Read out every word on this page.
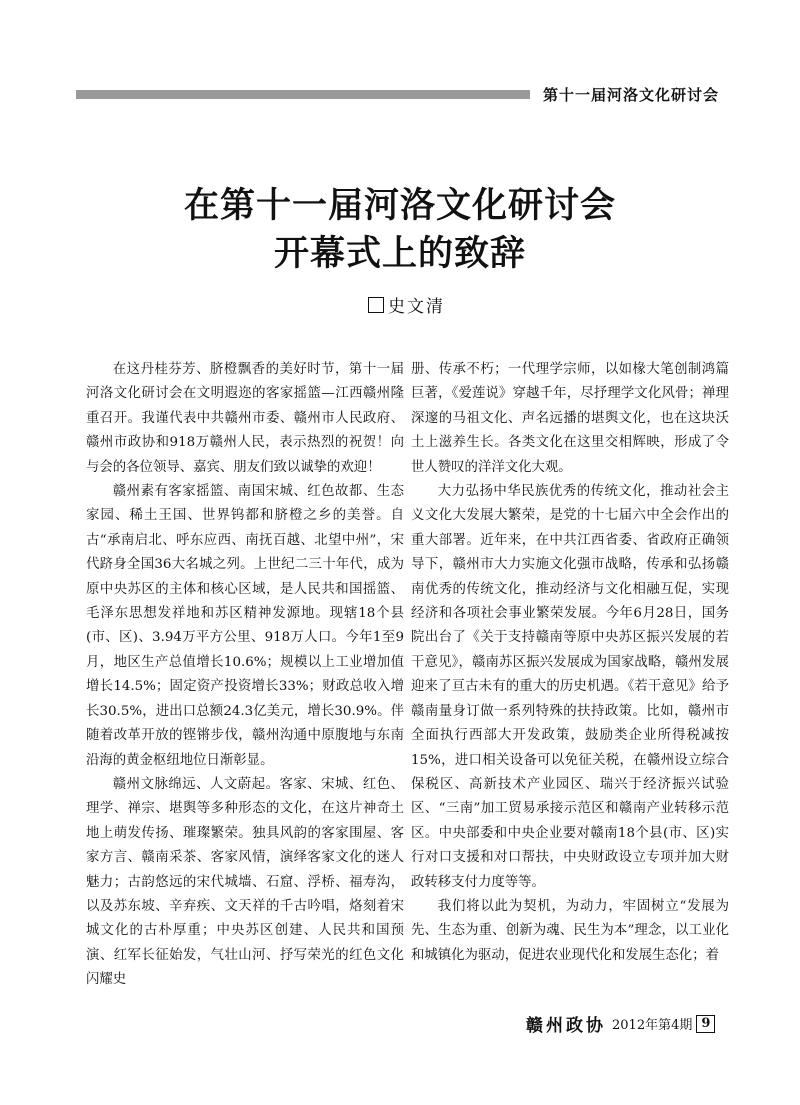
第十一届河洛文化研讨会
在第十一届河洛文化研讨会
开幕式上的致辞
史文清

在这丹桂芬芳、脐橙飘香的美好时节，第十一届河洛文化研讨会在文明遐迩的客家摇篮—江西赣州隆重召开。我谨代表中共赣州市委、赣州市人民政府、赣州市政协和918万赣州人民，表示热烈的祝贺！向与会的各位领导、嘉宾、朋友们致以诚挚的欢迎！

赣州素有客家摇篮、南国宋城、红色故都、生态家园、稀土王国、世界钨都和脐橙之乡的美誉。自古“承南启北、呼东应西、南抚百越、北望中州”，宋代跻身全国36大名城之列。上世纪二三十年代，成为原中央苏区的主体和核心区域，是人民共和国摇篮、毛泽东思想发祥地和苏区精神发源地。现辖18个县(市、区)、3.94万平方公里、918万人口。今年1至9月，地区生产总值增长10.6%；规模以上工业增加值增长14.5%；固定资产投资增长33%；财政总收入增长30.5%，进出口总额24.3亿美元，增长30.9%。伴随着改革开放的铿锵步伐，赣州沟通中原腹地与东南沿海的黄金枢纽地位日渐彰显。

赣州文脉绵远、人文蔚起。客家、宋城、红色、理学、禅宗、堪舆等多种形态的文化，在这片神奇土地上萌发传扬、璀璨繁荣。独具风韵的客家围屋、客家方言、赣南采茶、客家风情，演绎客家文化的迷人魅力；古韵悠远的宋代城墙、石窟、浮桥、福寿沟，以及苏东坡、辛弃疾、文天祥的千古吟唱，烙刻着宋城文化的古朴厚重；中央苏区创建、人民共和国预演、红军长征始发，气壮山河、抒写荣光的红色文化闪耀史

册、传承不朽；一代理学宗师，以如椽大笔创制鸿篇巨著，《爱莲说》穿越千年，尽抒理学文化风骨；禅理深邃的马祖文化、声名远播的堪舆文化，也在这块沃土上滋养生长。各类文化在这里交相辉映，形成了令世人赞叹的洋洋文化大观。

大力弘扬中华民族优秀的传统文化，推动社会主义文化大发展大繁荣，是党的十七届六中全会作出的重大部署。近年来，在中共江西省委、省政府正确领导下，赣州市大力实施文化强市战略，传承和弘扬赣南优秀的传统文化，推动经济与文化相融互促，实现经济和各项社会事业繁荣发展。今年6月28日，国务院出台了《关于支持赣南等原中央苏区振兴发展的若干意见》，赣南苏区振兴发展成为国家战略，赣州发展迎来了亘古未有的重大的历史机遇。《若干意见》给予赣南量身订做一系列特殊的扶持政策。比如，赣州市全面执行西部大开发政策，鼓励类企业所得税减按15%，进口相关设备可以免征关税，在赣州设立综合保税区、高新技术产业园区、瑞兴于经济振兴试验区、“三南”加工贸易承接示范区和赣南产业转移示范区。中央部委和中央企业要对赣南18个县(市、区)实行对口支援和对口帮扶，中央财政设立专项并加大财政转移支付力度等等。

我们将以此为契机，为动力，牢固树立“发展为先、生态为重、创新为魂、民生为本”理念，以工业化和城镇化为驱动，促进农业现代化和发展生态化；着

赣州政协 2012年第4期 9
